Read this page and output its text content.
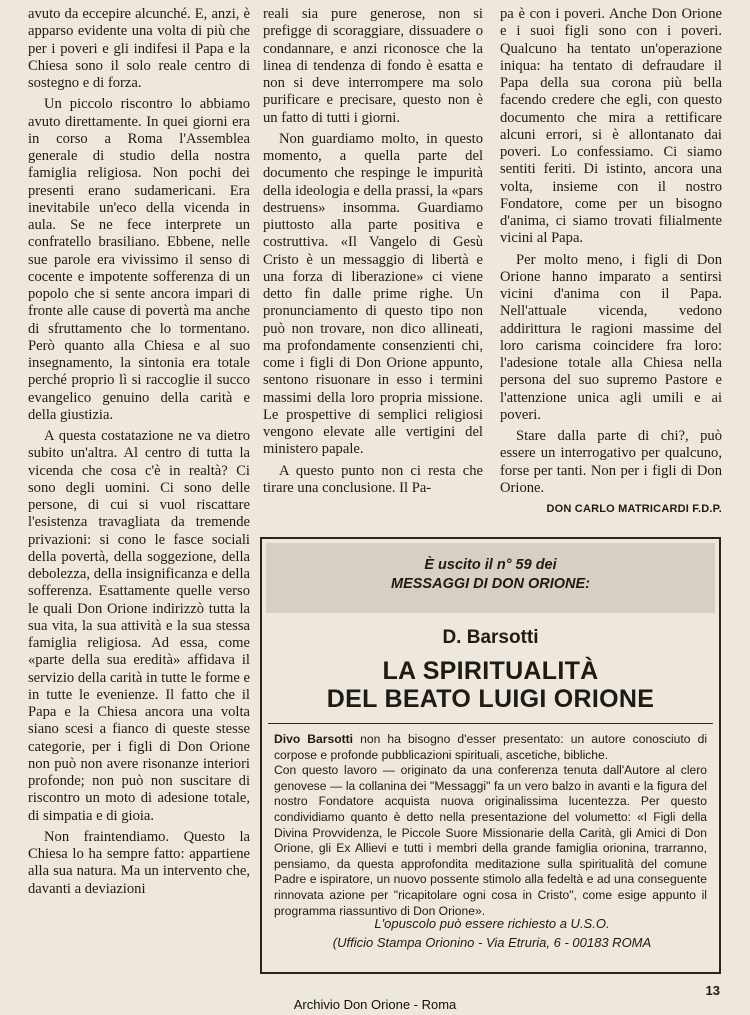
avuto da eccepire alcunché. E, anzi, è apparso evidente una volta di più che per i poveri e gli indifesi il Papa e la Chiesa sono il solo reale centro di sostegno e di forza.

Un piccolo riscontro lo abbiamo avuto direttamente. In quei giorni era in corso a Roma l'Assemblea generale di studio della nostra famiglia religiosa. Non pochi dei presenti erano sudamericani. Era inevitabile un'eco della vicenda in aula. Se ne fece interprete un confratello brasiliano. Ebbene, nelle sue parole era vivissimo il senso di cocente e impotente sofferenza di un popolo che si sente ancora impari di fronte alle cause di povertà ma anche di sfruttamento che lo tormentano. Però quanto alla Chiesa e al suo insegnamento, la sintonia era totale perché proprio lì si raccoglie il succo evangelico genuino della carità e della giustizia.

A questa costatazione ne va dietro subito un'altra. Al centro di tutta la vicenda che cosa c'è in realtà? Ci sono degli uomini. Ci sono delle persone, di cui si vuol riscattare l'esistenza travagliata da tremende privazioni: si cono le fasce sociali della povertà, della soggezione, della debolezza, della insignificanza e della sofferenza. Esattamente quelle verso le quali Don Orione indirizzò tutta la sua vita, la sua attività e la sua stessa famiglia religiosa. Ad essa, come «parte della sua eredità» affidava il servizio della carità in tutte le forme e in tutte le evenienze. Il fatto che il Papa e la Chiesa ancora una volta siano scesi a fianco di queste stesse categorie, per i figli di Don Orione non può non avere risonanze interiori profonde; non può non suscitare di riscontro un moto di adesione totale, di simpatia e di gioia.

Non fraintendiamo. Questo la Chiesa lo ha sempre fatto: appartiene alla sua natura. Ma un intervento che, davanti a deviazioni

reali sia pure generose, non si prefigge di scoraggiare, dissuadere o condannare, e anzi riconosce che la linea di tendenza di fondo è esatta e non si deve interrompere ma solo purificare e precisare, questo non è un fatto di tutti i giorni.

Non guardiamo molto, in questo momento, a quella parte del documento che respinge le impurità della ideologia e della prassi, la «pars destruens» insomma. Guardiamo piuttosto alla parte positiva e costruttiva. «Il Vangelo di Gesù Cristo è un messaggio di libertà e una forza di liberazione» ci viene detto fin dalle prime righe. Un pronunciamento di questo tipo non può non trovare, non dico allineati, ma profondamente consenzienti chi, come i figli di Don Orione appunto, sentono risuonare in esso i termini massimi della loro propria missione. Le prospettive di semplici religiosi vengono elevate alle vertigini del ministero papale.

A questo punto non ci resta che tirare una conclusione. Il Pa-

pa è con i poveri. Anche Don Orione e i suoi figli sono con i poveri. Qualcuno ha tentato un'operazione iniqua: ha tentato di defraudare il Papa della sua corona più bella facendo credere che egli, con questo documento che mira a rettificare alcuni errori, si è allontanato dai poveri. Lo confessiamo. Ci siamo sentiti feriti. Di istinto, ancora una volta, insieme con il nostro Fondatore, come per un bisogno d'anima, ci siamo trovati filialmente vicini al Papa.

Per molto meno, i figli di Don Orione hanno imparato a sentirsi vicini d'anima con il Papa. Nell'attuale vicenda, vedono addirittura le ragioni massime del loro carisma coincidere fra loro: l'adesione totale alla Chiesa nella persona del suo supremo Pastore e l'attenzione unica agli umili e ai poveri.

Stare dalla parte di chi?, può essere un interrogativo per qualcuno, forse per tanti. Non per i figli di Don Orione.

DON CARLO MATRICARDI F.D.P.
È uscito il n° 59 dei
MESSAGGI DI DON ORIONE:
D. Barsotti
LA SPIRITUALITÀ
DEL BEATO LUIGI ORIONE
Divo Barsotti non ha bisogno d'esser presentato: un autore conosciuto di corpose e profonde pubblicazioni spirituali, ascetiche, bibliche.
Con questo lavoro — originato da una conferenza tenuta dall'Autore al clero genovese — la collanina dei "Messaggi" fa un vero balzo in avanti e la figura del nostro Fondatore acquista nuova originalissima lucentezza. Per questo condividiamo quanto è detto nella presentazione del volumetto: «I Figli della Divina Provvidenza, le Piccole Suore Missionarie della Carità, gli Amici di Don Orione, gli Ex Allievi e tutti i membri della grande famiglia orionina, trarranno, pensiamo, da questa approfondita meditazione sulla spiritualità del comune Padre e ispiratore, un nuovo possente stimolo alla fedeltà e ad una conseguente rinnovata azione per "ricapitolare ogni cosa in Cristo", come esige appunto il programma riassuntivo di Don Orione».
L'opuscolo può essere richiesto a U.S.O.
(Ufficio Stampa Orionino - Via Etruria, 6 - 00183 ROMA
13
Archivio Don Orione - Roma
